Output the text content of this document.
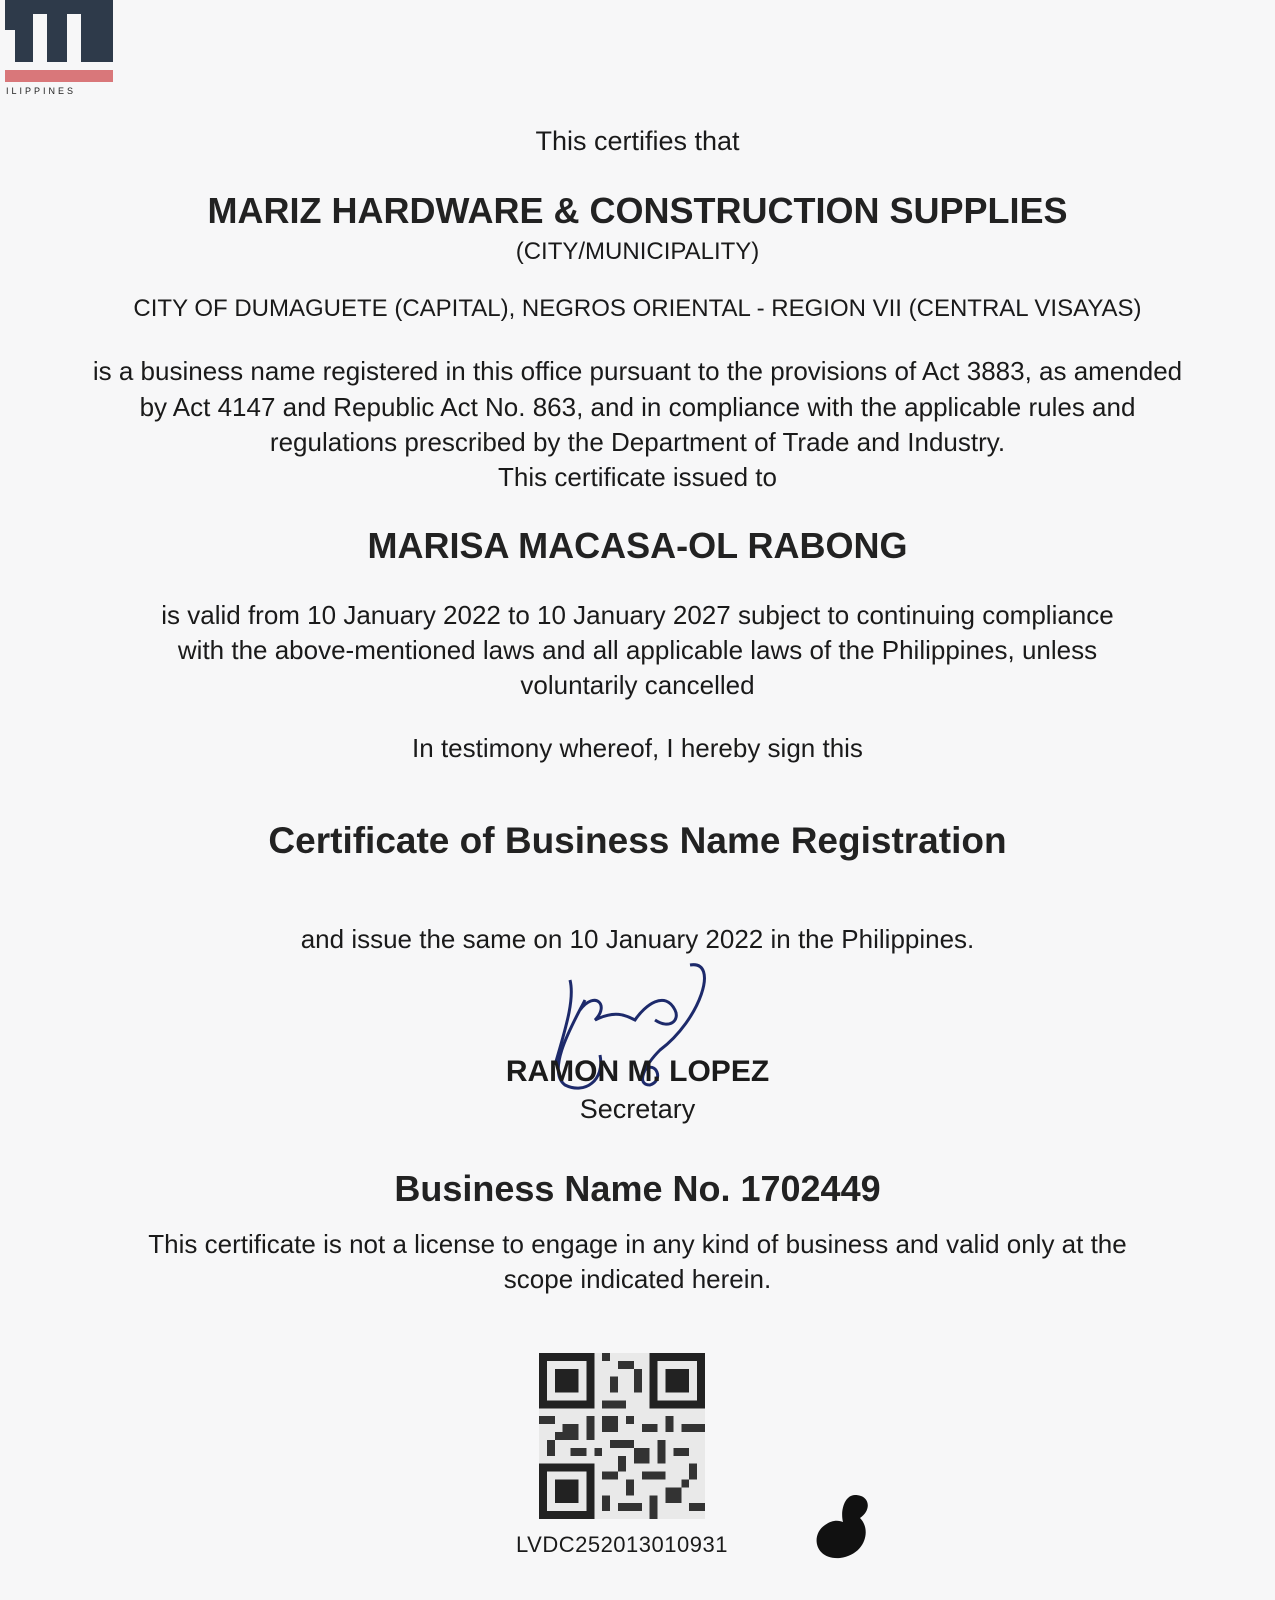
ILIPPINES
This certifies that
MARIZ HARDWARE & CONSTRUCTION SUPPLIES
(CITY/MUNICIPALITY)
CITY OF DUMAGUETE (CAPITAL), NEGROS ORIENTAL - REGION VII (CENTRAL VISAYAS)
is a business name registered in this office pursuant to the provisions of Act 3883, as amended
by Act 4147 and Republic Act No. 863, and in compliance with the applicable rules and
regulations prescribed by the Department of Trade and Industry.
This certificate issued to
MARISA MACASA-OL RABONG
is valid from 10 January 2022 to 10 January 2027 subject to continuing compliance
with the above-mentioned laws and all applicable laws of the Philippines, unless
voluntarily cancelled
In testimony whereof, I hereby sign this
Certificate of Business Name Registration
and issue the same on 10 January 2022 in the Philippines.
RAMON M. LOPEZ
Secretary
Business Name No. 1702449
This certificate is not a license to engage in any kind of business and valid only at the
scope indicated herein.
LVDC252013010931
